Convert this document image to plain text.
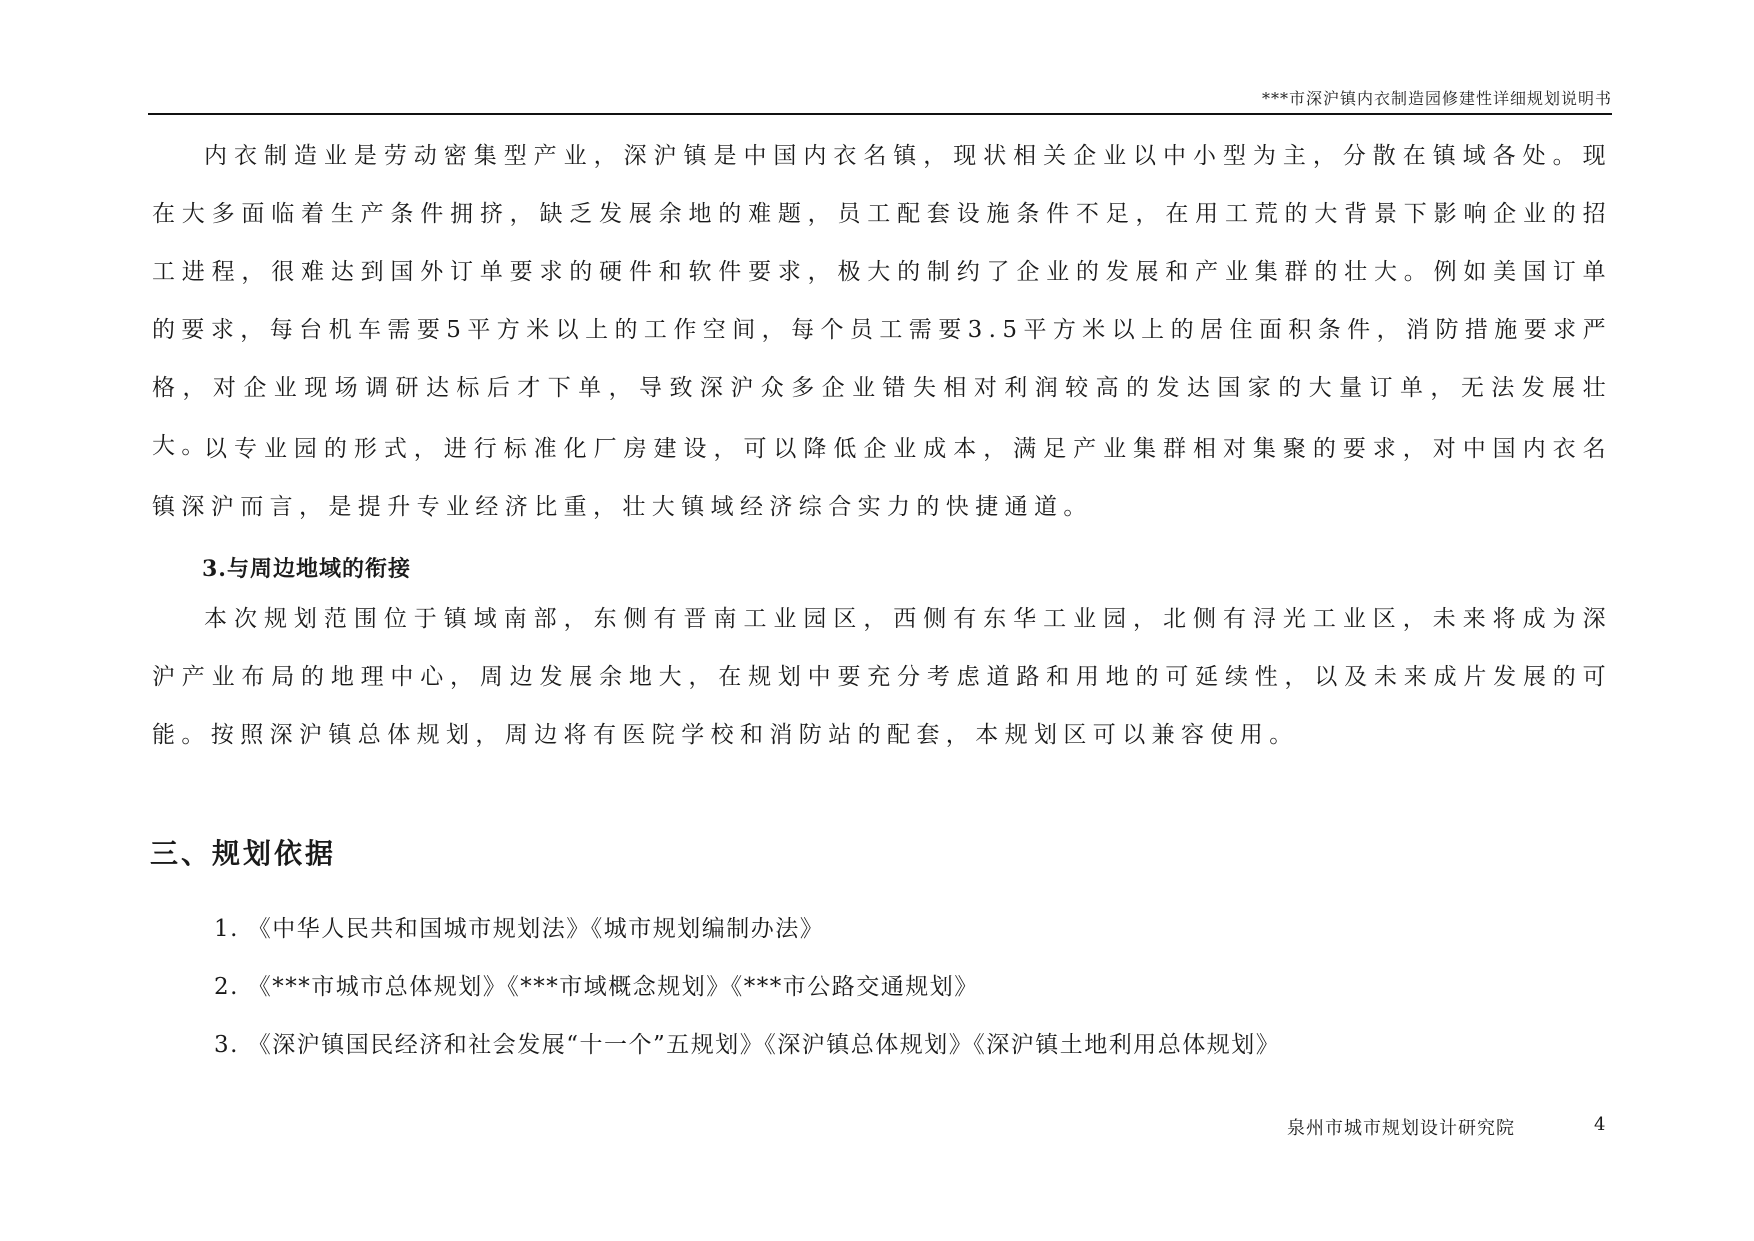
***市深沪镇内衣制造园修建性详细规划说明书

内衣制造业是劳动密集型产业，深沪镇是中国内衣名镇，现状相关企业以中小型为主，分散在镇域各处。现在大多面临着生产条件拥挤，缺乏发展余地的难题，员工配套设施条件不足，在用工荒的大背景下影响企业的招工进程，很难达到国外订单要求的硬件和软件要求，极大的制约了企业的发展和产业集群的壮大。例如美国订单的要求，每台机车需要5平方米以上的工作空间，每个员工需要3.5平方米以上的居住面积条件，消防措施要求严格，对企业现场调研达标后才下单，导致深沪众多企业错失相对利润较高的发达国家的大量订单，无法发展壮大。

以专业园的形式，进行标准化厂房建设，可以降低企业成本，满足产业集群相对集聚的要求，对中国内衣名镇深沪而言，是提升专业经济比重，壮大镇域经济综合实力的快捷通道。

3.与周边地域的衔接

本次规划范围位于镇域南部，东侧有晋南工业园区，西侧有东华工业园，北侧有浔光工业区，未来将成为深沪产业布局的地理中心，周边发展余地大，在规划中要充分考虑道路和用地的可延续性，以及未来成片发展的可能。按照深沪镇总体规划，周边将有医院学校和消防站的配套，本规划区可以兼容使用。

三、规划依据
1. 《中华人民共和国城市规划法》《城市规划编制办法》
2. 《***市城市总体规划》《***市域概念规划》《***市公路交通规划》
3. 《深沪镇国民经济和社会发展“十一个”五规划》《深沪镇总体规划》《深沪镇土地利用总体规划》
泉州市城市规划设计研究院	4
